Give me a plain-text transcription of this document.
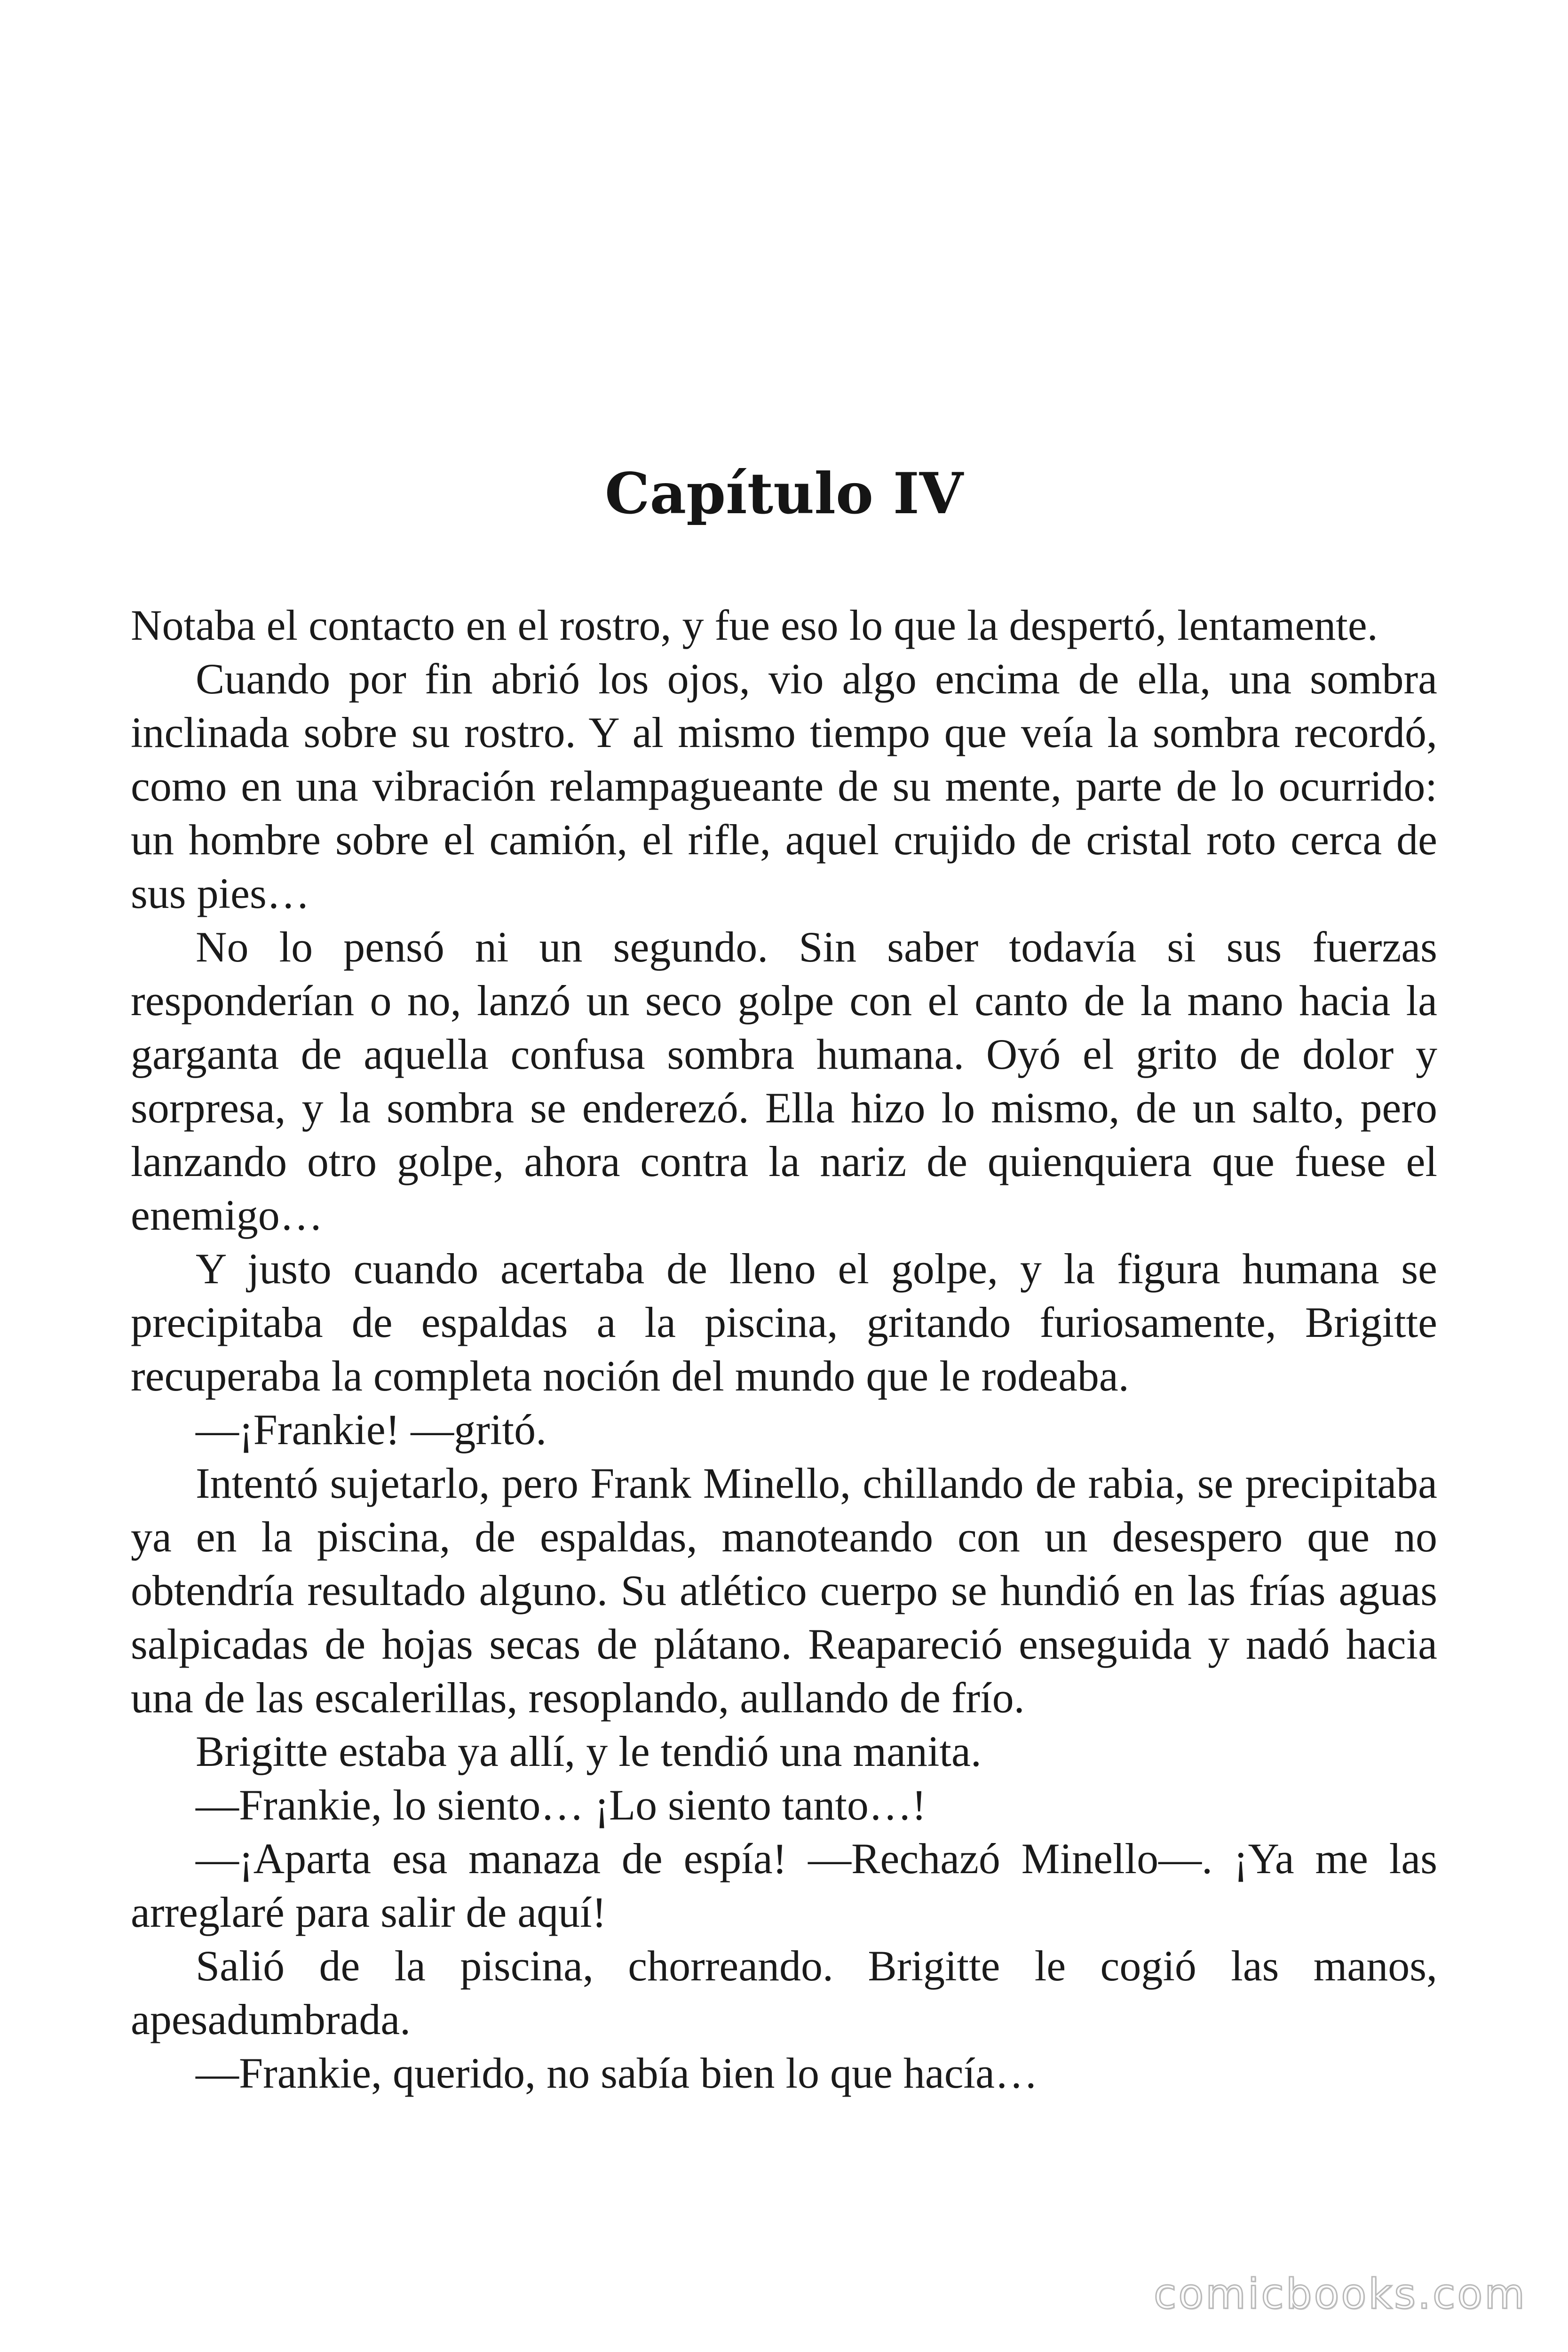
Capítulo IV

Notaba el contacto en el rostro, y fue eso lo que la despertó, lentamente.

Cuando por fin abrió los ojos, vio algo encima de ella, una sombra inclinada sobre su rostro. Y al mismo tiempo que veía la sombra recordó, como en una vibración relampagueante de su mente, parte de lo ocurrido: un hombre sobre el camión, el rifle, aquel crujido de cristal roto cerca de sus pies…

No lo pensó ni un segundo. Sin saber todavía si sus fuerzas responderían o no, lanzó un seco golpe con el canto de la mano hacia la garganta de aquella confusa sombra humana. Oyó el grito de dolor y sorpresa, y la sombra se enderezó. Ella hizo lo mismo, de un salto, pero lanzando otro golpe, ahora contra la nariz de quienquiera que fuese el enemigo…

Y justo cuando acertaba de lleno el golpe, y la figura humana se precipitaba de espaldas a la piscina, gritando furiosamente, Brigitte recuperaba la completa noción del mundo que le rodeaba.

—¡Frankie! —gritó.

Intentó sujetarlo, pero Frank Minello, chillando de rabia, se precipitaba ya en la piscina, de espaldas, manoteando con un desespero que no obtendría resultado alguno. Su atlético cuerpo se hundió en las frías aguas salpicadas de hojas secas de plátano. Reapareció enseguida y nadó hacia una de las escalerillas, resoplando, aullando de frío.

Brigitte estaba ya allí, y le tendió una manita.

—Frankie, lo siento… ¡Lo siento tanto…!

—¡Aparta esa manaza de espía! —Rechazó Minello—. ¡Ya me las arreglaré para salir de aquí!

Salió de la piscina, chorreando. Brigitte le cogió las manos, apesadumbrada.

—Frankie, querido, no sabía bien lo que hacía…

comicbooks.com
